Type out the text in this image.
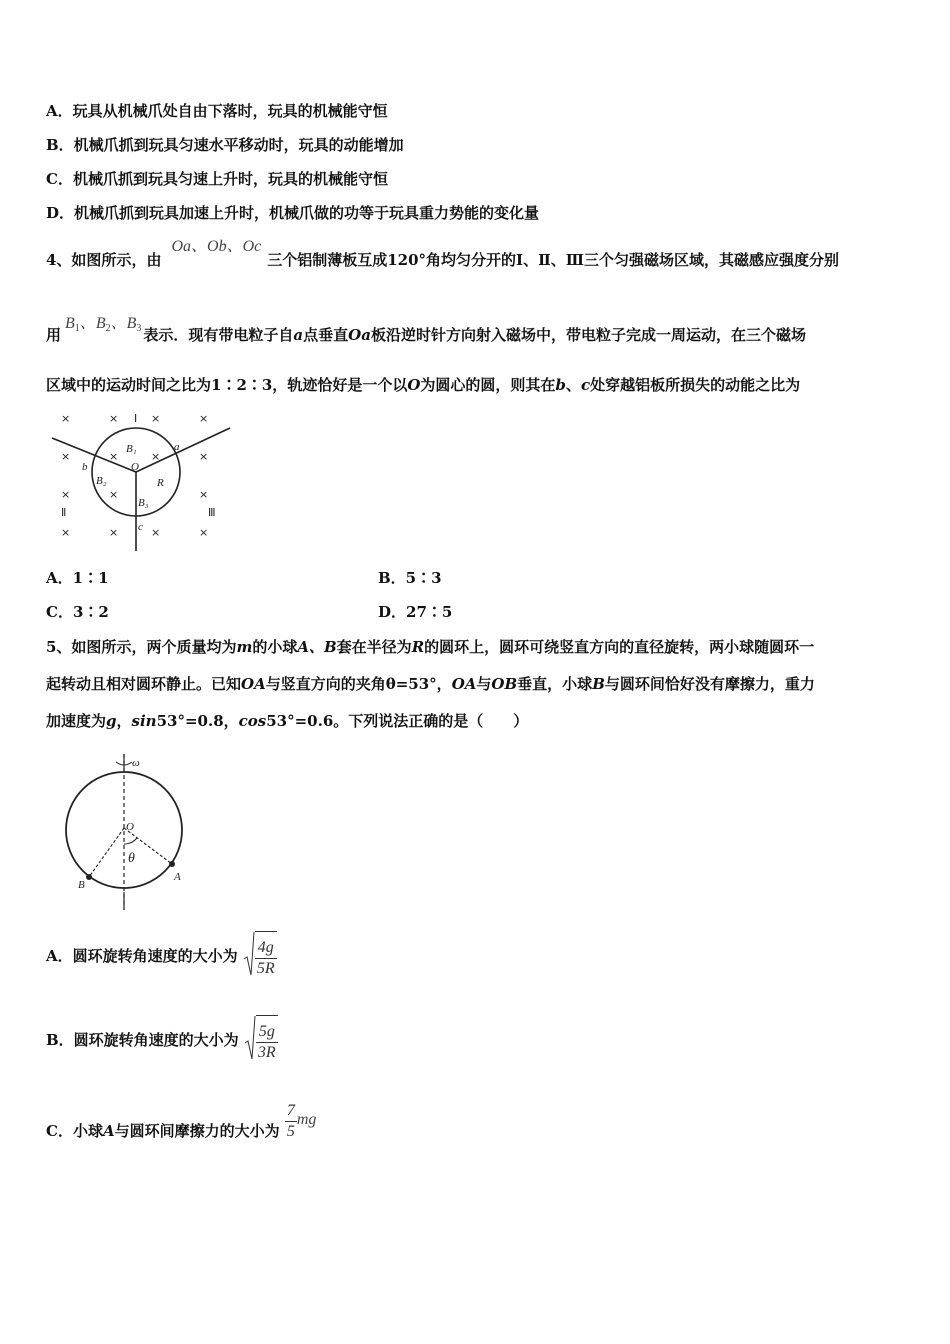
A．玩具从机械爪处自由下落时，玩具的机械能守恒
B．机械爪抓到玩具匀速水平移动时，玩具的动能增加
C．机械爪抓到玩具匀速上升时，玩具的机械能守恒
D．机械爪抓到玩具加速上升时，机械爪做的功等于玩具重力势能的变化量
4、如图所示，由Oa、Ob、Oc三个铝制薄板互成120°角均匀分开的Ⅰ、Ⅱ、Ⅲ三个匀强磁场区域，其磁感应强度分别
用$B_1$、$B_2$、$B_3$ 表示．现有带电粒子自a点垂直Oa板沿逆时针方向射入磁场中，带电粒子完成一周运动，在三个磁场
区域中的运动时间之比为1∶2∶3，轨迹恰好是一个以O为圆心的圆，则其在b、c处穿越铝板所损失的动能之比为
×	×	×	×
×	×	×	×
×	×	×
×	×	×	×
Ⅰ
Ⅱ	Ⅲ
B₁
B₂
B₃
O
R
a
b
c
A．1∶1	B．5∶3
C．3∶2	D．27∶5
5、如图所示，两个质量均为m的小球A、B套在半径为R的圆环上，圆环可绕竖直方向的直径旋转，两小球随圆环一
起转动且相对圆环静止。已知OA与竖直方向的夹角θ=53°，OA与OB垂直，小球B与圆环间恰好没有摩擦力，重力
加速度为g，sin53°=0.8，cos53°=0.6。下列说法正确的是（　　）
ω
O
θ
A
B
A．圆环旋转角速度的大小为 $\frac{4g}{5R}$
B．圆环旋转角速度的大小为 $\frac{5g}{3R}$
C．小球A与圆环间摩擦力的大小为 $\frac{7}{5}$ mg
